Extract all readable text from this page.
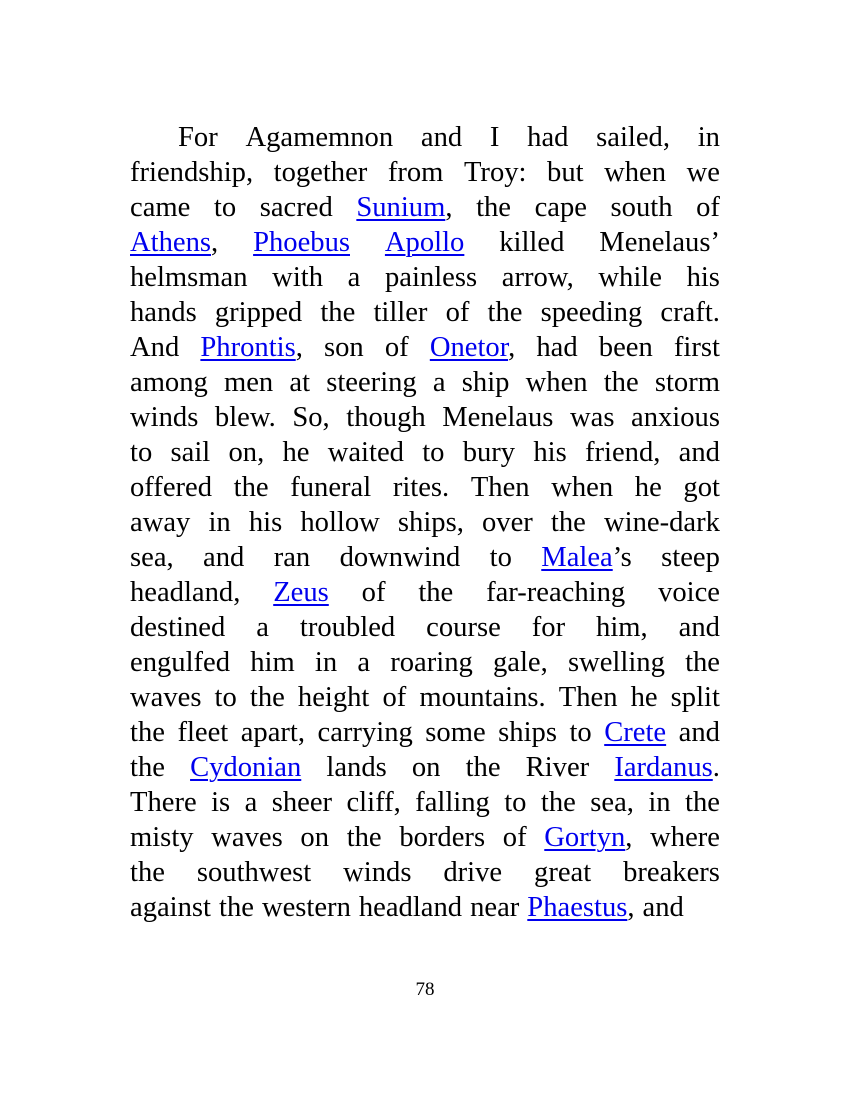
For Agamemnon and I had sailed, in
friendship, together from Troy: but when we
came to sacred Sunium, the cape south of
Athens, Phoebus Apollo killed Menelaus’
helmsman with a painless arrow, while his
hands gripped the tiller of the speeding craft.
And Phrontis, son of Onetor, had been first
among men at steering a ship when the storm
winds blew. So, though Menelaus was anxious
to sail on, he waited to bury his friend, and
offered the funeral rites. Then when he got
away in his hollow ships, over the wine-dark
sea, and ran downwind to Malea’s steep
headland, Zeus of the far-reaching voice
destined a troubled course for him, and
engulfed him in a roaring gale, swelling the
waves to the height of mountains. Then he split
the fleet apart, carrying some ships to Crete and
the Cydonian lands on the River Iardanus.
There is a sheer cliff, falling to the sea, in the
misty waves on the borders of Gortyn, where
the southwest winds drive great breakers
against the western headland near Phaestus, and
78
